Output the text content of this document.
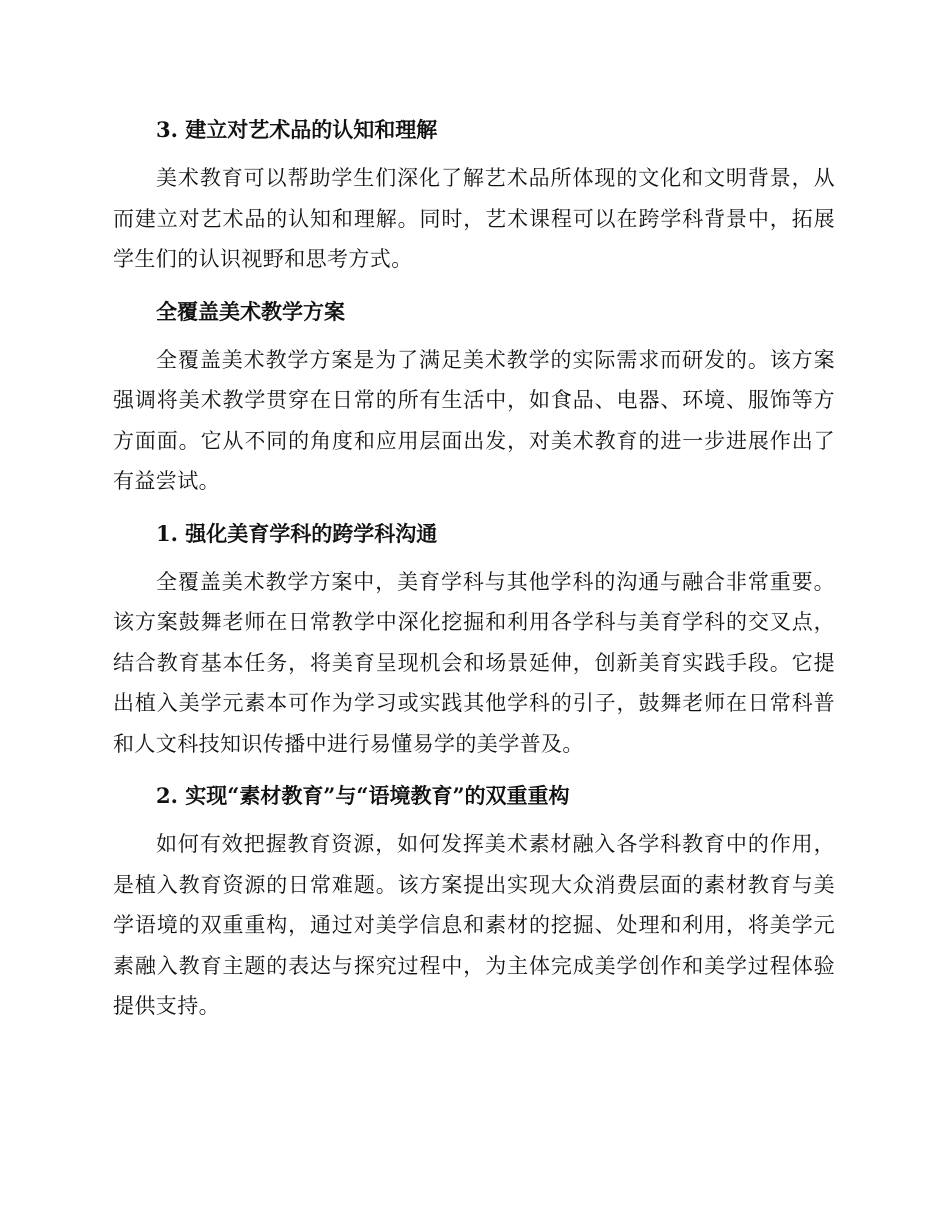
3. 建立对艺术品的认知和理解

美术教育可以帮助学生们深化了解艺术品所体现的文化和文明背景，从而建立对艺术品的认知和理解。同时，艺术课程可以在跨学科背景中，拓展学生们的认识视野和思考方式。

全覆盖美术教学方案

全覆盖美术教学方案是为了满足美术教学的实际需求而研发的。该方案强调将美术教学贯穿在日常的所有生活中，如食品、电器、环境、服饰等方方面面。它从不同的角度和应用层面出发，对美术教育的进一步进展作出了有益尝试。

1. 强化美育学科的跨学科沟通

全覆盖美术教学方案中，美育学科与其他学科的沟通与融合非常重要。该方案鼓舞老师在日常教学中深化挖掘和利用各学科与美育学科的交叉点，结合教育基本任务，将美育呈现机会和场景延伸，创新美育实践手段。它提出植入美学元素本可作为学习或实践其他学科的引子，鼓舞老师在日常科普和人文科技知识传播中进行易懂易学的美学普及。

2. 实现“素材教育”与“语境教育”的双重重构

如何有效把握教育资源，如何发挥美术素材融入各学科教育中的作用，是植入教育资源的日常难题。该方案提出实现大众消费层面的素材教育与美学语境的双重重构，通过对美学信息和素材的挖掘、处理和利用，将美学元素融入教育主题的表达与探究过程中，为主体完成美学创作和美学过程体验提供支持。
